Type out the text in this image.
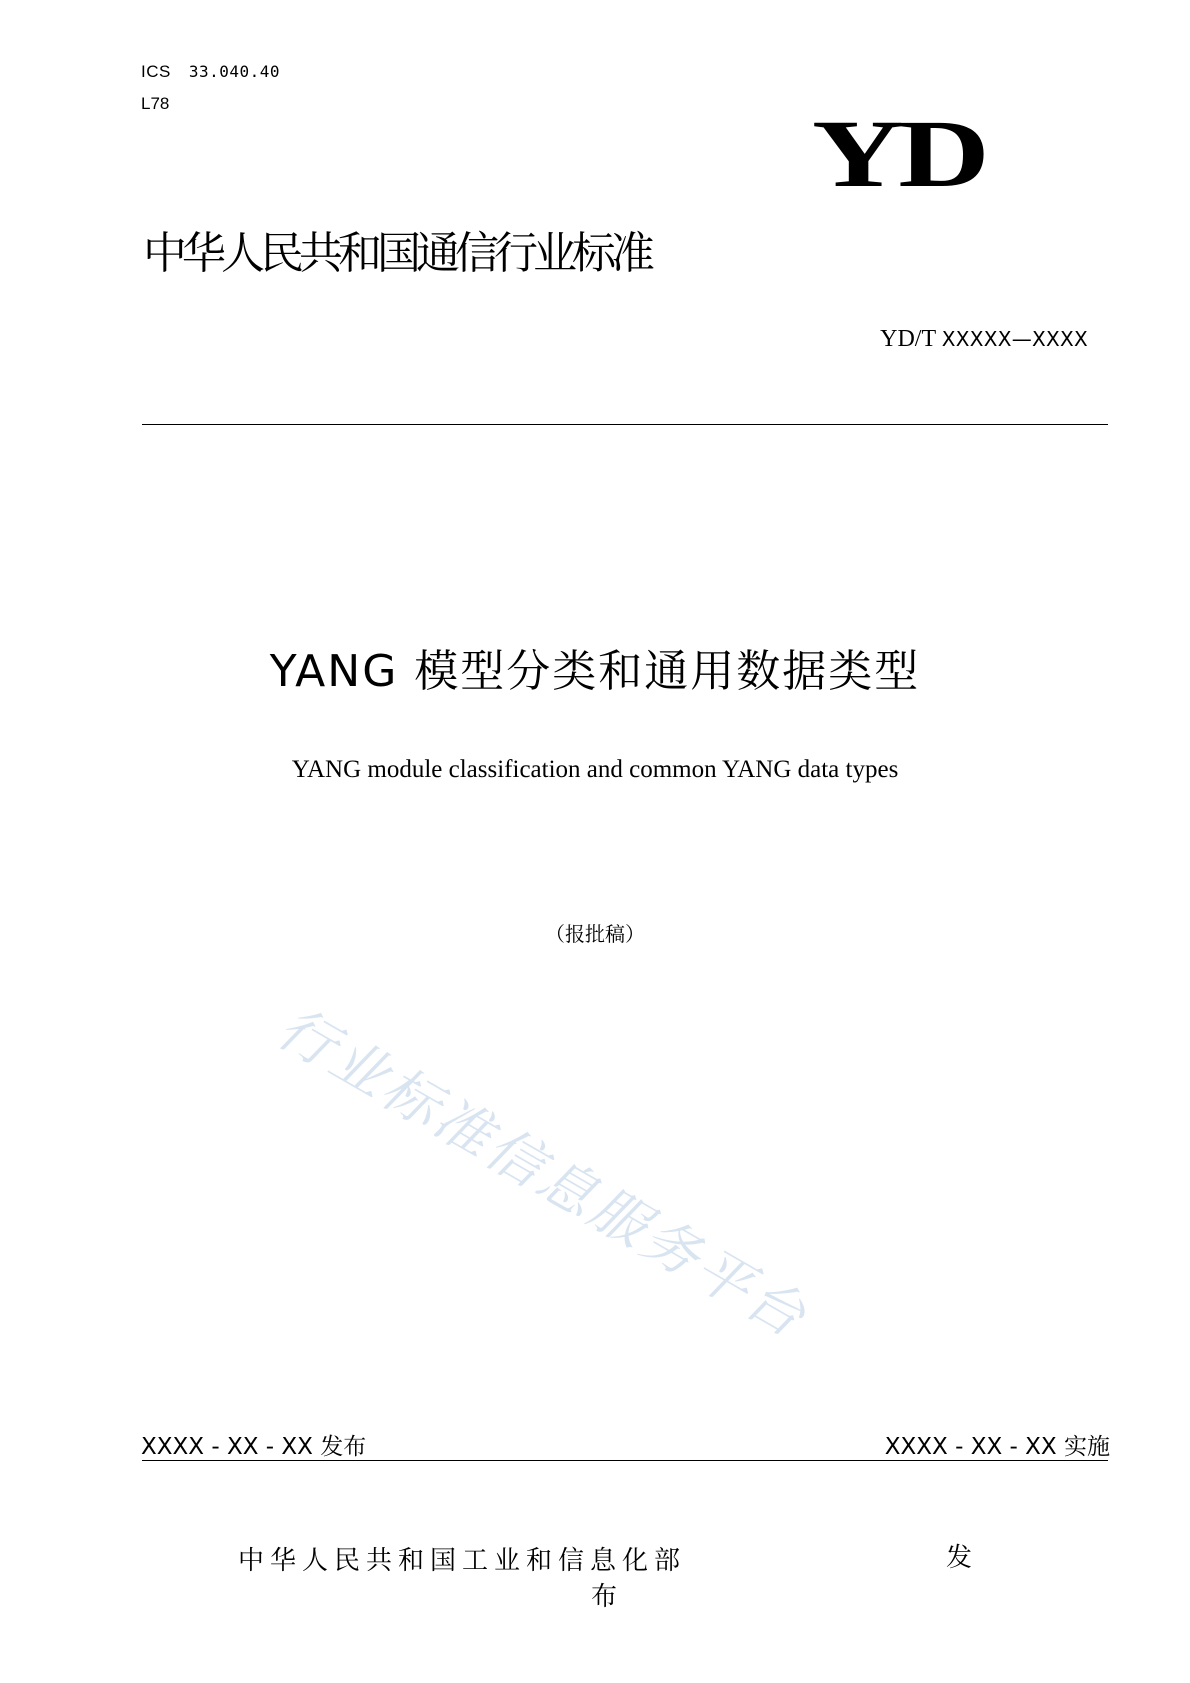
ICS 33.040.40
L78	YD
中华人民共和国通信行业标准
YD/T XXXXX—XXXX
YANG 模型分类和通用数据类型
YANG module classification and common YANG data types
（报批稿）
行业标准信息服务平台
XXXX - XX - XX 发布	XXXX - XX - XX 实施
中华人民共和国工业和信息化部	发
布
